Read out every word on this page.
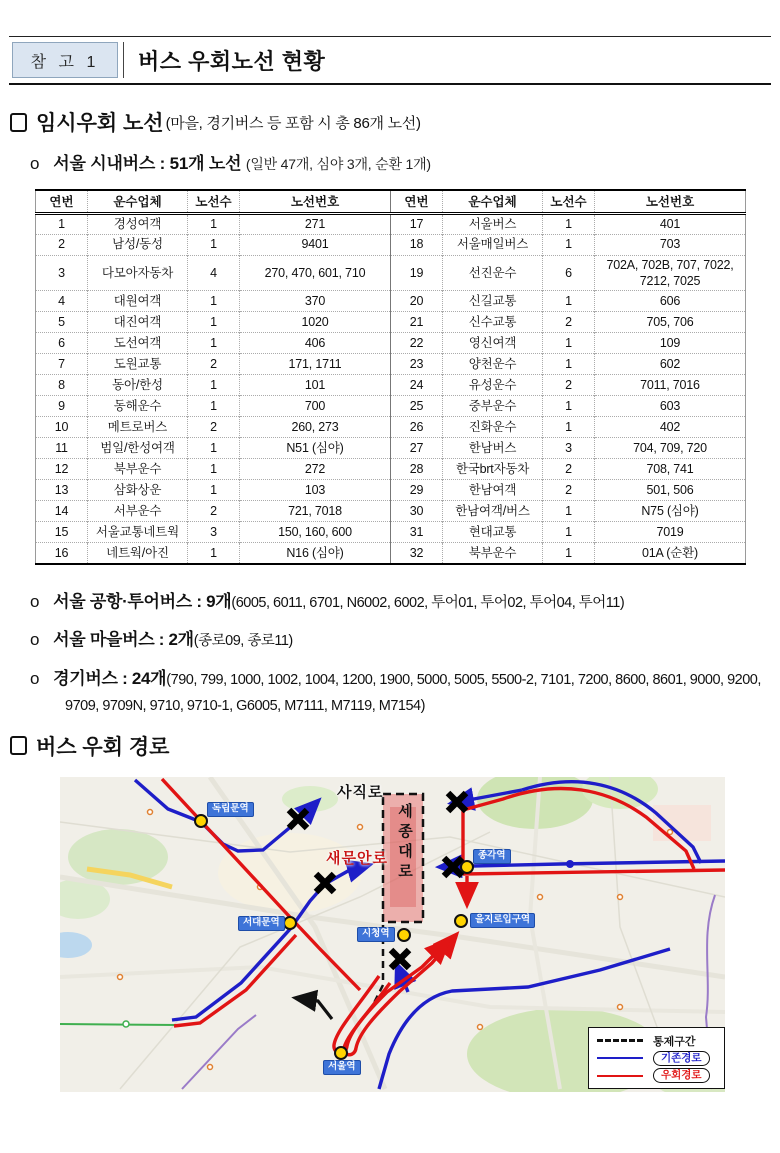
참 고 1	버스 우회노선 현황
임시우회 노선 (마을, 경기버스 등 포함 시 총 86개 노선)
o 서울 시내버스 : 51개 노선 (일반 47개, 심야 3개, 순환 1개)
연번	운수업체	노선수	노선번호	연번	운수업체	노선수	노선번호
1	경성여객	1	271	17	서울버스	1	401
2	남성/동성	1	9401	18	서울매일버스	1	703
3	다모아자동차	4	270, 470, 601, 710	19	선진운수	6	702A, 702B, 707, 7022, 7212, 7025
4	대원여객	1	370	20	신길교통	1	606
5	대진여객	1	1020	21	신수교통	2	705, 706
6	도선여객	1	406	22	영신여객	1	109
7	도원교통	2	171, 1711	23	양천운수	1	602
8	동아/한성	1	101	24	유성운수	2	7011, 7016
9	동해운수	1	700	25	중부운수	1	603
10	메트로버스	2	260, 273	26	진화운수	1	402
11	범일/한성여객	1	N51 (심야)	27	한남버스	3	704, 709, 720
12	북부운수	1	272	28	한국brt자동차	2	708, 741
13	삼화상운	1	103	29	한남여객	2	501, 506
14	서부운수	2	721, 7018	30	한남여객/버스	1	N75 (심야)
15	서울교통네트웍	3	150, 160, 600	31	현대교통	1	7019
16	네트웍/아진	1	N16 (심야)	32	북부운수	1	01A (순환)
o 서울 공항·투어버스 : 9개(6005, 6011, 6701, N6002, 6002, 투어01, 투어02, 투어04, 투어11)
o 서울 마을버스 : 2개(종로09, 종로11)
o 경기버스 : 24개(790, 799, 1000, 1002, 1004, 1200, 1900, 5000, 5005, 5500-2, 7101, 7200, 8600, 8601, 9000, 9200, 9709, 9709N, 9710, 9710-1, G6005, M7111, M7119, M7154)
버스 우회 경로
사직로
새문안로 세종대로
독립문역
서대문역
종각역
시청역
을지로입구역
서울역
통제구간
기존경로
우회경로
